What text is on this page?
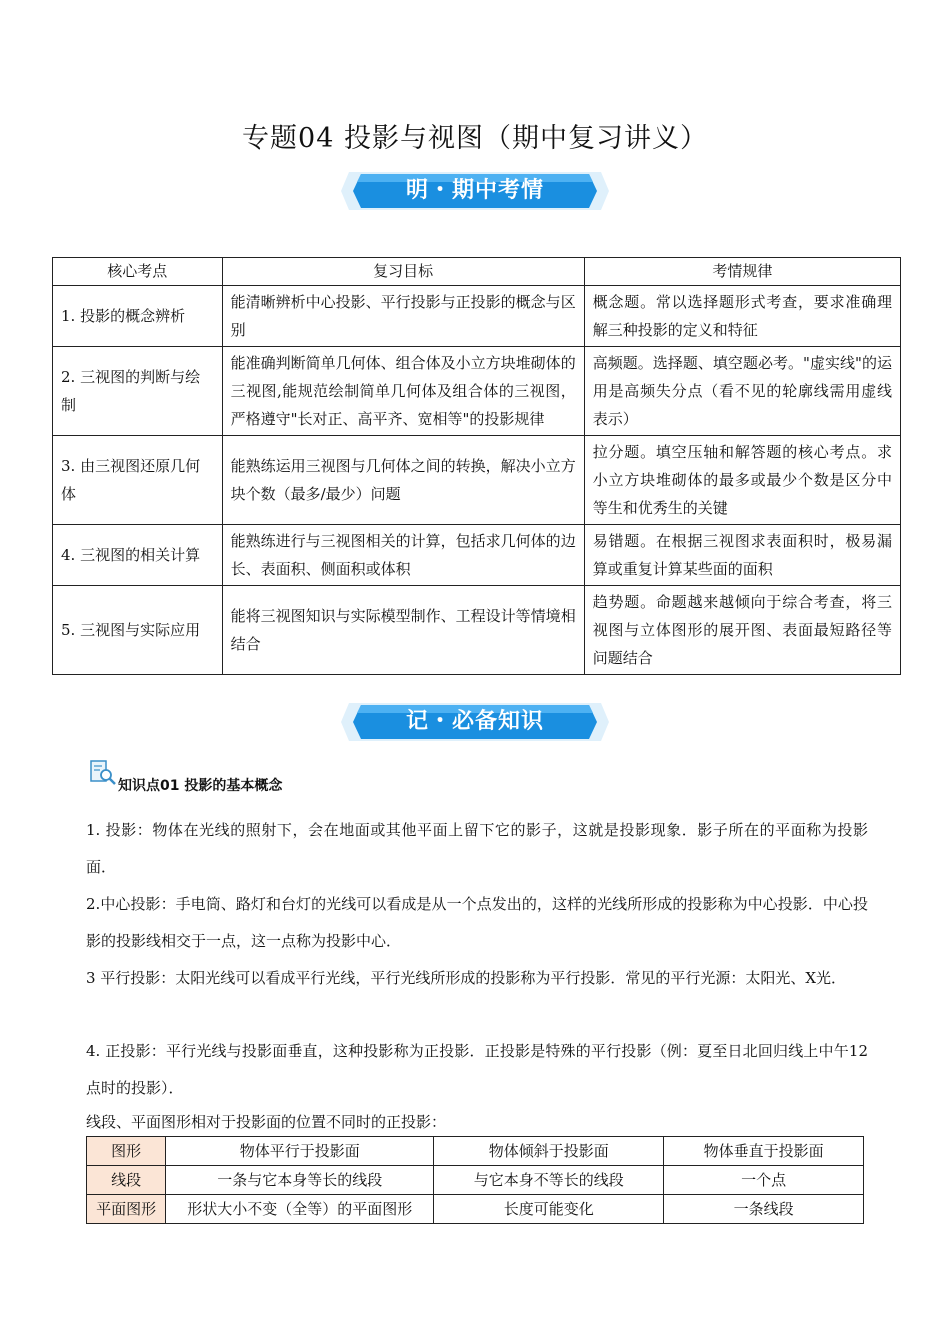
专题04 投影与视图（期中复习讲义）
明・期中考情
核心考点	复习目标	考情规律
1. 投影的概念辨析	能清晰辨析中心投影、平行投影与正投影的概念与区别	概念题。常以选择题形式考查，要求准确理解三种投影的定义和特征
2. 三视图的判断与绘制	能准确判断简单几何体、组合体及小立方块堆砌体的三视图,能规范绘制简单几何体及组合体的三视图，严格遵守"长对正、高平齐、宽相等"的投影规律	高频题。选择题、填空题必考。"虚实线"的运用是高频失分点（看不见的轮廓线需用虚线表示）
3. 由三视图还原几何体	能熟练运用三视图与几何体之间的转换，解决小立方块个数（最多/最少）问题	拉分题。填空压轴和解答题的核心考点。求小立方块堆砌体的最多或最少个数是区分中等生和优秀生的关键
4. 三视图的相关计算	能熟练进行与三视图相关的计算，包括求几何体的边长、表面积、侧面积或体积	易错题。在根据三视图求表面积时，极易漏算或重复计算某些面的面积
5. 三视图与实际应用	能将三视图知识与实际模型制作、工程设计等情境相结合	趋势题。命题越来越倾向于综合考查，将三视图与立体图形的展开图、表面最短路径等问题结合
记・必备知识
知识点01 投影的基本概念
1. 投影：物体在光线的照射下，会在地面或其他平面上留下它的影子，这就是投影现象．影子所在的平面称为投影面．
2.中心投影：手电筒、路灯和台灯的光线可以看成是从一个点发出的，这样的光线所形成的投影称为中心投影．中心投影的投影线相交于一点，这一点称为投影中心．
3 平行投影：太阳光线可以看成平行光线，平行光线所形成的投影称为平行投影．常见的平行光源：太阳光、X光．
4. 正投影：平行光线与投影面垂直，这种投影称为正投影．正投影是特殊的平行投影（例：夏至日北回归线上中午12点时的投影）．
线段、平面图形相对于投影面的位置不同时的正投影：
图形	物体平行于投影面	物体倾斜于投影面	物体垂直于投影面
线段	一条与它本身等长的线段	与它本身不等长的线段	一个点
平面图形	形状大小不变（全等）的平面图形	长度可能变化	一条线段
